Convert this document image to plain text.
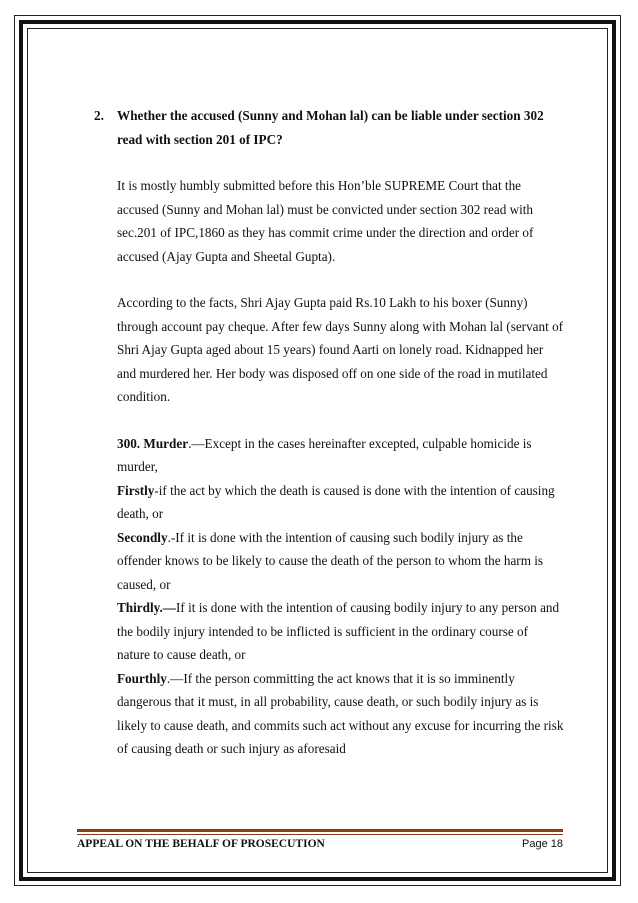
2. Whether the accused (Sunny and Mohan lal) can be liable under section 302 read with section 201 of IPC?

It is mostly humbly submitted before this Hon’ble SUPREME Court that the accused (Sunny and Mohan lal) must be convicted under section 302 read with sec.201 of IPC,1860 as they has commit crime under the direction and order of accused (Ajay Gupta and Sheetal Gupta).

According to the facts, Shri Ajay Gupta paid Rs.10 Lakh to his boxer (Sunny) through account pay cheque. After few days Sunny along with Mohan lal (servant of Shri Ajay Gupta aged about 15 years) found Aarti on lonely road. Kidnapped her and murdered her. Her body was disposed off on one side of the road in mutilated condition.

300. Murder.—Except in the cases hereinafter excepted, culpable homicide is murder,

Firstly-if the act by which the death is caused is done with the intention of causing death, or

Secondly.-If it is done with the intention of causing such bodily injury as the offender knows to be likely to cause the death of the person to whom the harm is caused, or

Thirdly.—If it is done with the intention of causing bodily injury to any person and the bodily injury intended to be inflicted is sufficient in the ordinary course of nature to cause death, or

Fourthly.—If the person committing the act knows that it is so imminently dangerous that it must, in all probability, cause death, or such bodily injury as is likely to cause death, and commits such act without any excuse for incurring the risk of causing death or such injury as aforesaid

APPEAL ON THE BEHALF OF PROSECUTION	Page 18
